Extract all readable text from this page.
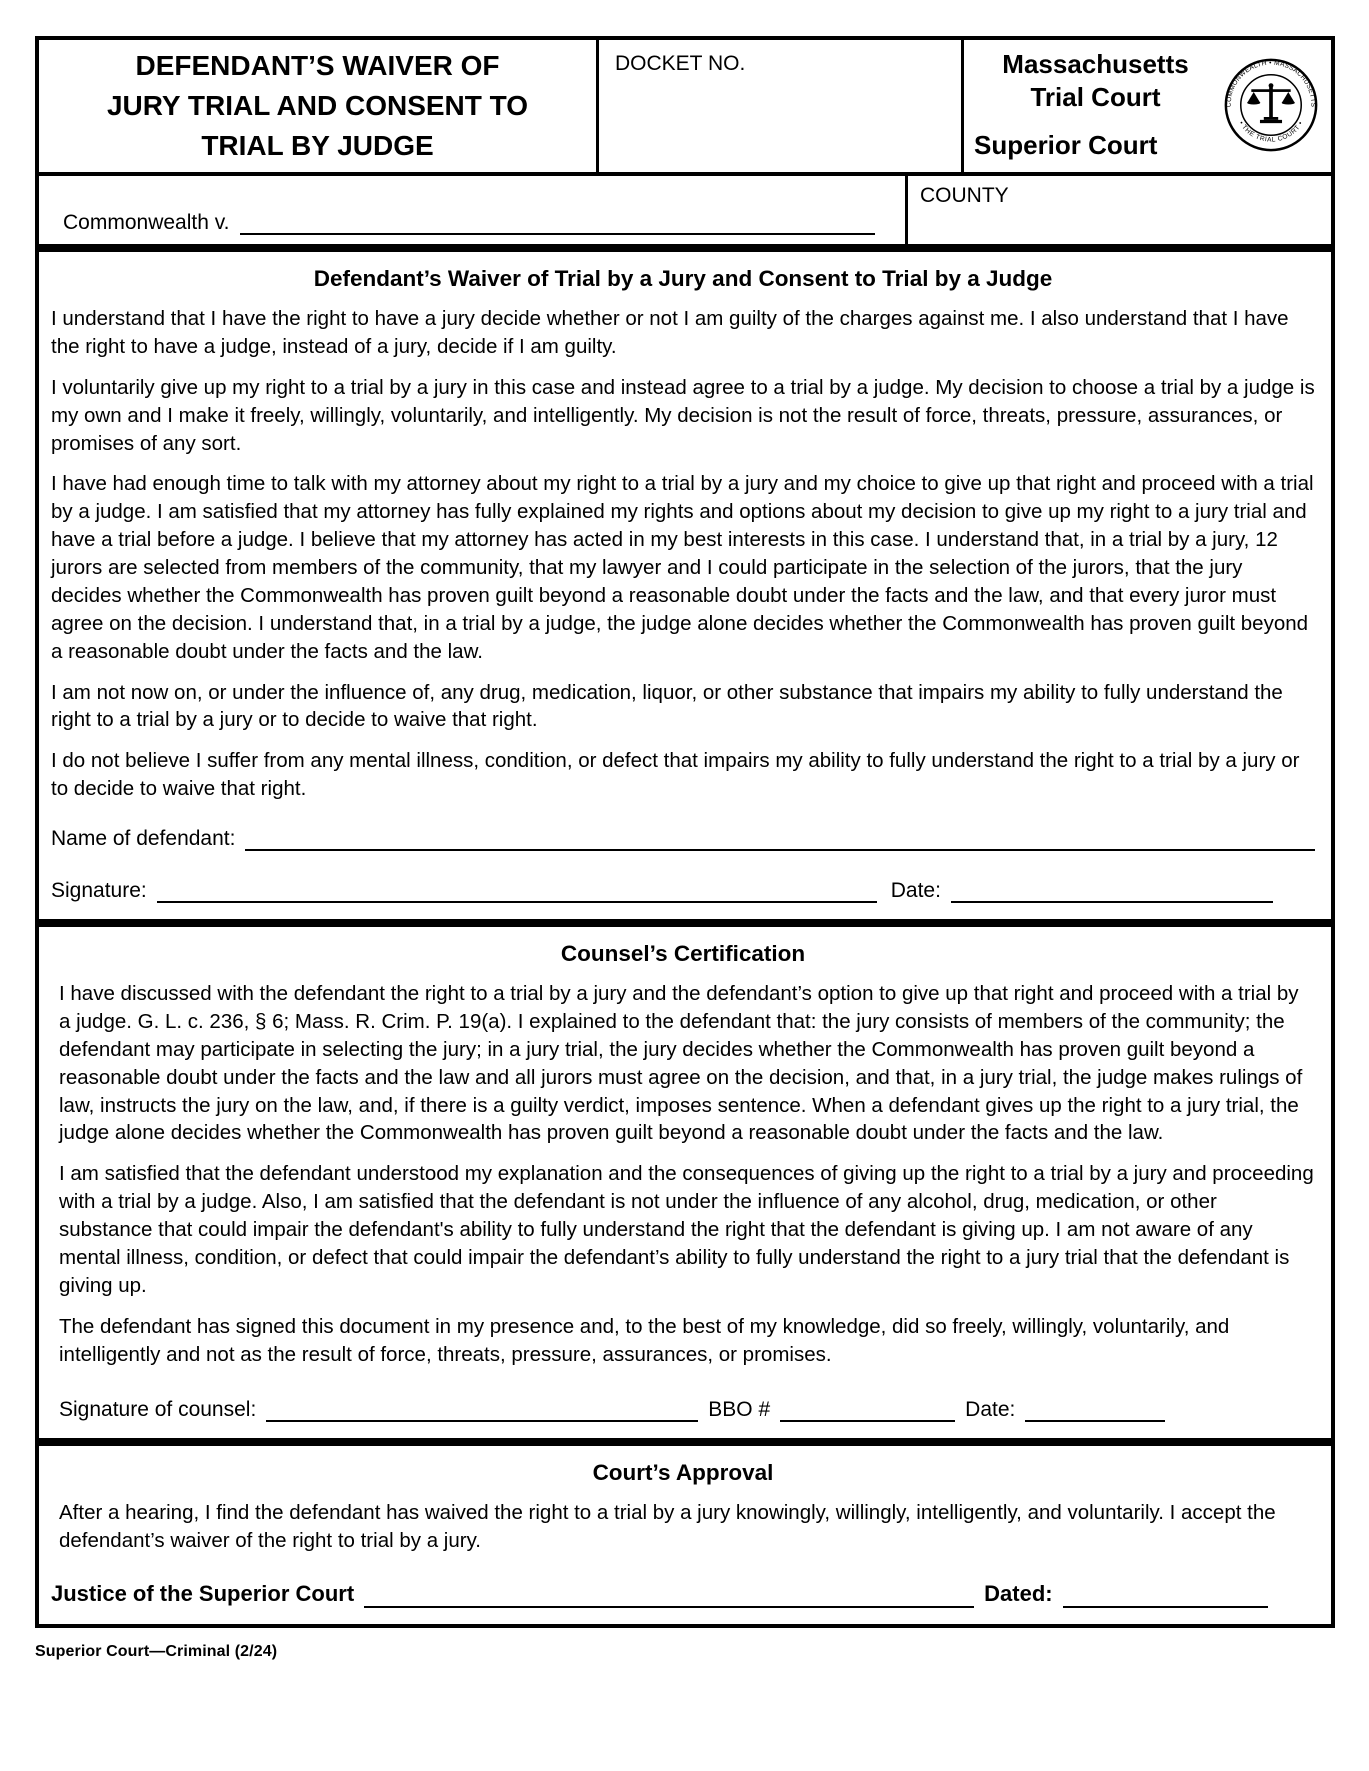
DEFENDANT’S WAIVER OF
JURY TRIAL AND CONSENT TO
TRIAL BY JUDGE
DOCKET NO.	Massachusetts
Trial Court
Superior Court
COMMONWEALTH • MASSACHUSETTS
• THE TRIAL COURT •
Commonwealth v.
COUNTY
Defendant’s Waiver of Trial by a Jury and Consent to Trial by a Judge

I understand that I have the right to have a jury decide whether or not I am guilty of the charges against me. I also understand that I have the right to have a judge, instead of a jury, decide if I am guilty.

I voluntarily give up my right to a trial by a jury in this case and instead agree to a trial by a judge. My decision to choose a trial by a judge is my own and I make it freely, willingly, voluntarily, and intelligently. My decision is not the result of force, threats, pressure, assurances, or promises of any sort.

I have had enough time to talk with my attorney about my right to a trial by a jury and my choice to give up that right and proceed with a trial by a judge. I am satisfied that my attorney has fully explained my rights and options about my decision to give up my right to a jury trial and have a trial before a judge. I believe that my attorney has acted in my best interests in this case. I understand that, in a trial by a jury, 12 jurors are selected from members of the community, that my lawyer and I could participate in the selection of the jurors, that the jury decides whether the Commonwealth has proven guilt beyond a reasonable doubt under the facts and the law, and that every juror must agree on the decision. I understand that, in a trial by a judge, the judge alone decides whether the Commonwealth has proven guilt beyond a reasonable doubt under the facts and the law.

I am not now on, or under the influence of, any drug, medication, liquor, or other substance that impairs my ability to fully understand the right to a trial by a jury or to decide to waive that right.

I do not believe I suffer from any mental illness, condition, or defect that impairs my ability to fully understand the right to a trial by a jury or to decide to waive that right.

Name of defendant:
Signature:	Date:
Counsel’s Certification

I have discussed with the defendant the right to a trial by a jury and the defendant’s option to give up that right and proceed with a trial by a judge. G. L. c. 236, § 6; Mass. R. Crim. P. 19(a). I explained to the defendant that: the jury consists of members of the community; the defendant may participate in selecting the jury; in a jury trial, the jury decides whether the Commonwealth has proven guilt beyond a reasonable doubt under the facts and the law and all jurors must agree on the decision, and that, in a jury trial, the judge makes rulings of law, instructs the jury on the law, and, if there is a guilty verdict, imposes sentence. When a defendant gives up the right to a jury trial, the judge alone decides whether the Commonwealth has proven guilt beyond a reasonable doubt under the facts and the law.

I am satisfied that the defendant understood my explanation and the consequences of giving up the right to a trial by a jury and proceeding with a trial by a judge. Also, I am satisfied that the defendant is not under the influence of any alcohol, drug, medication, or other substance that could impair the defendant's ability to fully understand the right that the defendant is giving up. I am not aware of any mental illness, condition, or defect that could impair the defendant’s ability to fully understand the right to a jury trial that the defendant is giving up.

The defendant has signed this document in my presence and, to the best of my knowledge, did so freely, willingly, voluntarily, and intelligently and not as the result of force, threats, pressure, assurances, or promises.

Signature of counsel:	BBO #	Date:
Court’s Approval

After a hearing, I find the defendant has waived the right to a trial by a jury knowingly, willingly, intelligently, and voluntarily. I accept the defendant’s waiver of the right to trial by a jury.

Justice of the Superior Court	Dated:
Superior Court—Criminal (2/24)
